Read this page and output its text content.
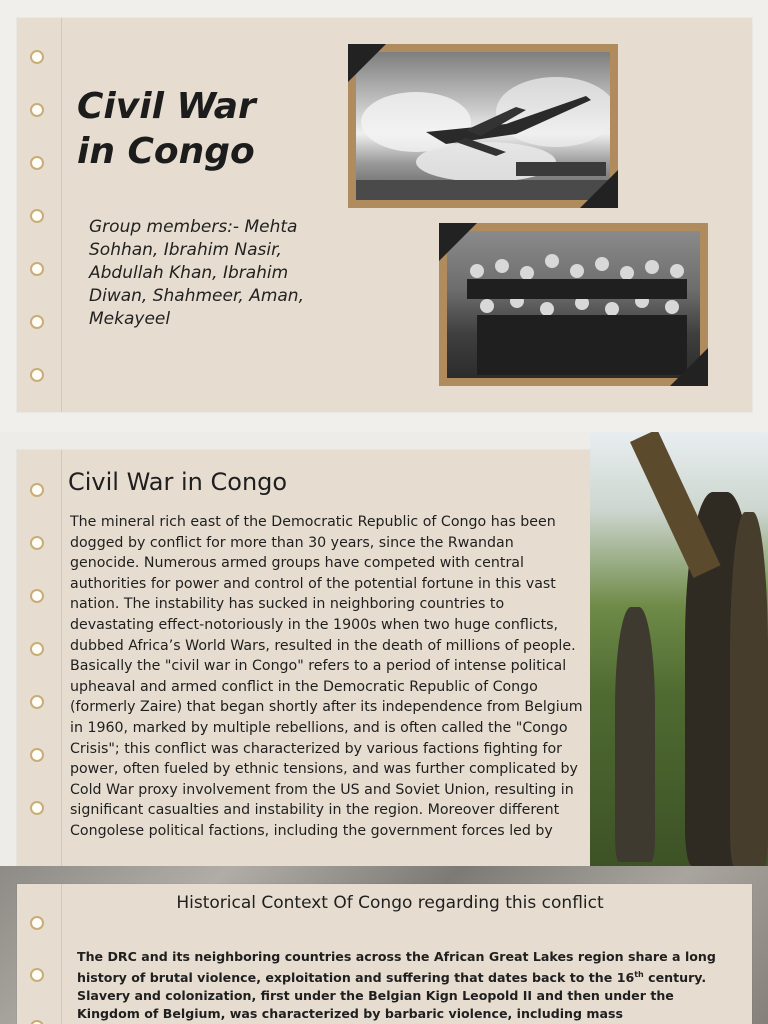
Civil War
in Congo

Group members:- Mehta Sohhan, Ibrahim Nasir, Abdullah Khan, Ibrahim Diwan, Shahmeer, Aman, Mekayeel

Civil War in Congo

The mineral rich east of the Democratic Republic of Congo has been dogged by conflict for more than 30 years, since the Rwandan genocide. Numerous armed groups have competed with central authorities for power and control of the potential fortune in this vast nation. The instability has sucked in neighboring countries to devastating effect-notoriously in the 1900s when two huge conflicts, dubbed Africa’s World Wars, resulted in the death of millions of people. Basically the "civil war in Congo" refers to a period of intense political upheaval and armed conflict in the Democratic Republic of Congo (formerly Zaire) that began shortly after its independence from Belgium in 1960, marked by multiple rebellions, and is often called the "Congo Crisis"; this conflict was characterized by various factions fighting for power, often fueled by ethnic tensions, and was further complicated by Cold War proxy involvement from the US and Soviet Union, resulting in significant casualties and instability in the region. Moreover different Congolese political factions, including the government forces led by

Historical Context Of Congo regarding this conflict

The DRC and its neighboring countries across the African Great Lakes region share a long history of brutal violence, exploitation and suffering that dates back to the 16th century. Slavery and colonization, first under the Belgian Kign Leopold II and then under the Kingdom of Belgium, was characterized by barbaric violence, including mass
